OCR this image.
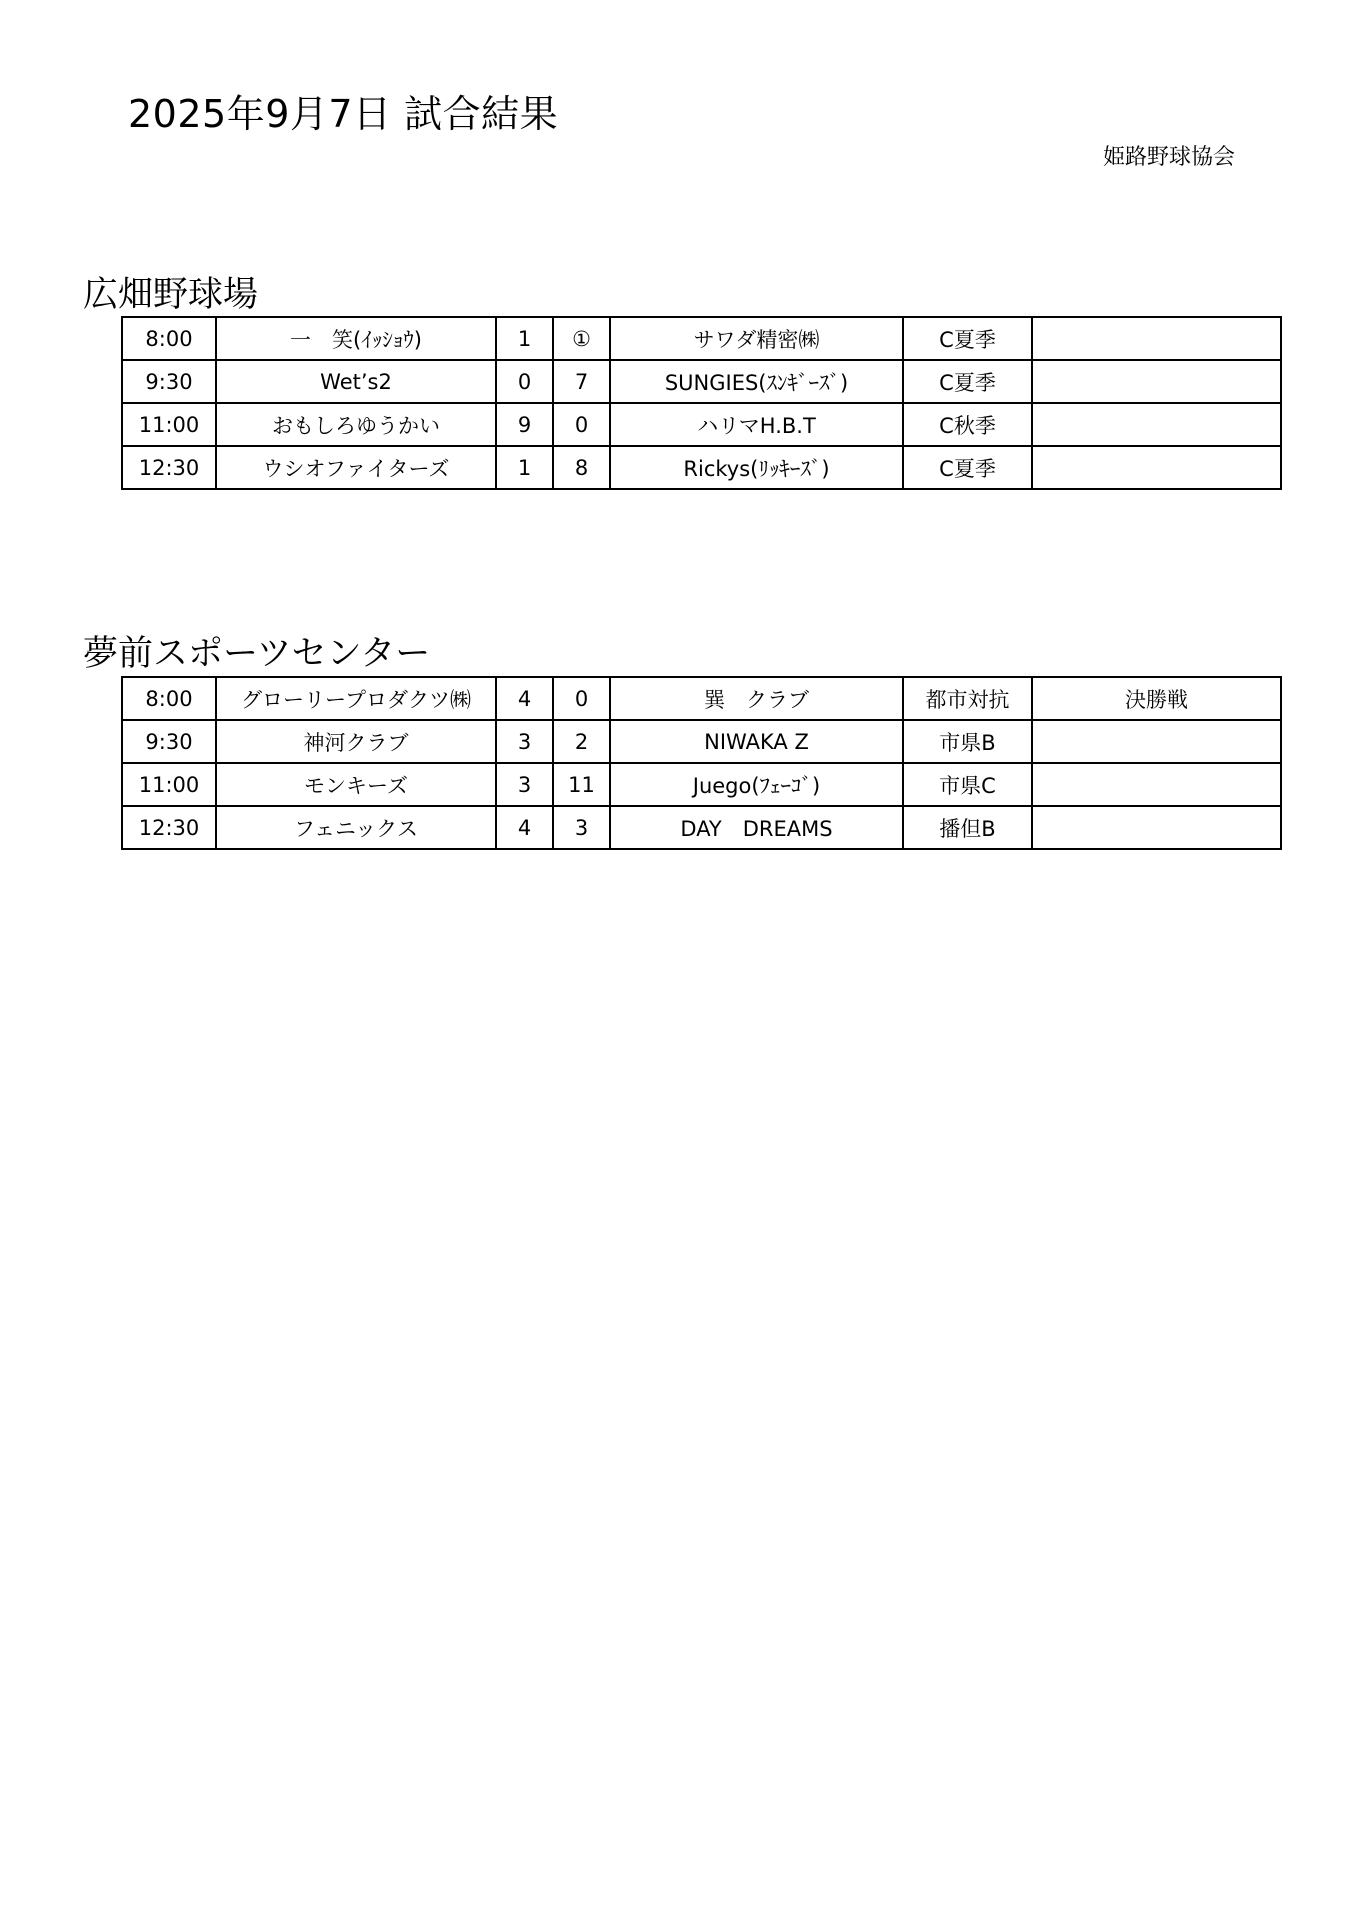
2025年9月7日 試合結果
姫路野球協会
広畑野球場
8:00	一　笑(ｲｯｼｮｳ)	1	①	サワダ精密㈱	C夏季	
9:30	Wet’s2	0	7	SUNGIES(ｽﾝｷﾞｰｽﾞ)	C夏季	
11:00	おもしろゆうかい	9	0	ハリマH.B.T	C秋季	
12:30	ウシオファイターズ	1	8	Rickys(ﾘｯｷｰｽﾞ)	C夏季	
夢前スポーツセンター
8:00	グローリープロダクツ㈱	4	0	巽　クラブ	都市対抗	決勝戦
9:30	神河クラブ	3	2	NIWAKA Z	市県B	
11:00	モンキーズ	3	11	Juego(ﾌｪｰｺﾞ)	市県C	
12:30	フェニックス	4	3	DAY　DREAMS	播但B	
